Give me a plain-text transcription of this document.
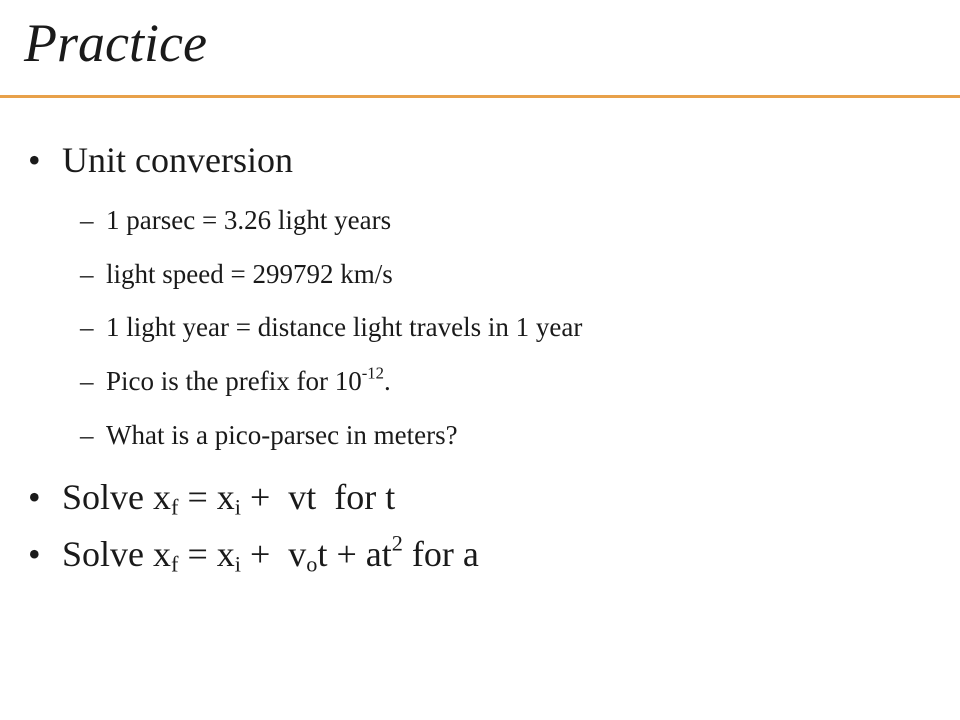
Practice
• Unit conversion
– 1 parsec = 3.26 light years
– light speed = 299792 km/s
– 1 light year = distance light travels in 1 year
– Pico is the prefix for $10^{-12}$.
– What is a pico-parsec in meters?
• Solve $x_f = x_i$ +  vt  for t
• Solve $x_f = x_i + v_ot + at^2$ for a
